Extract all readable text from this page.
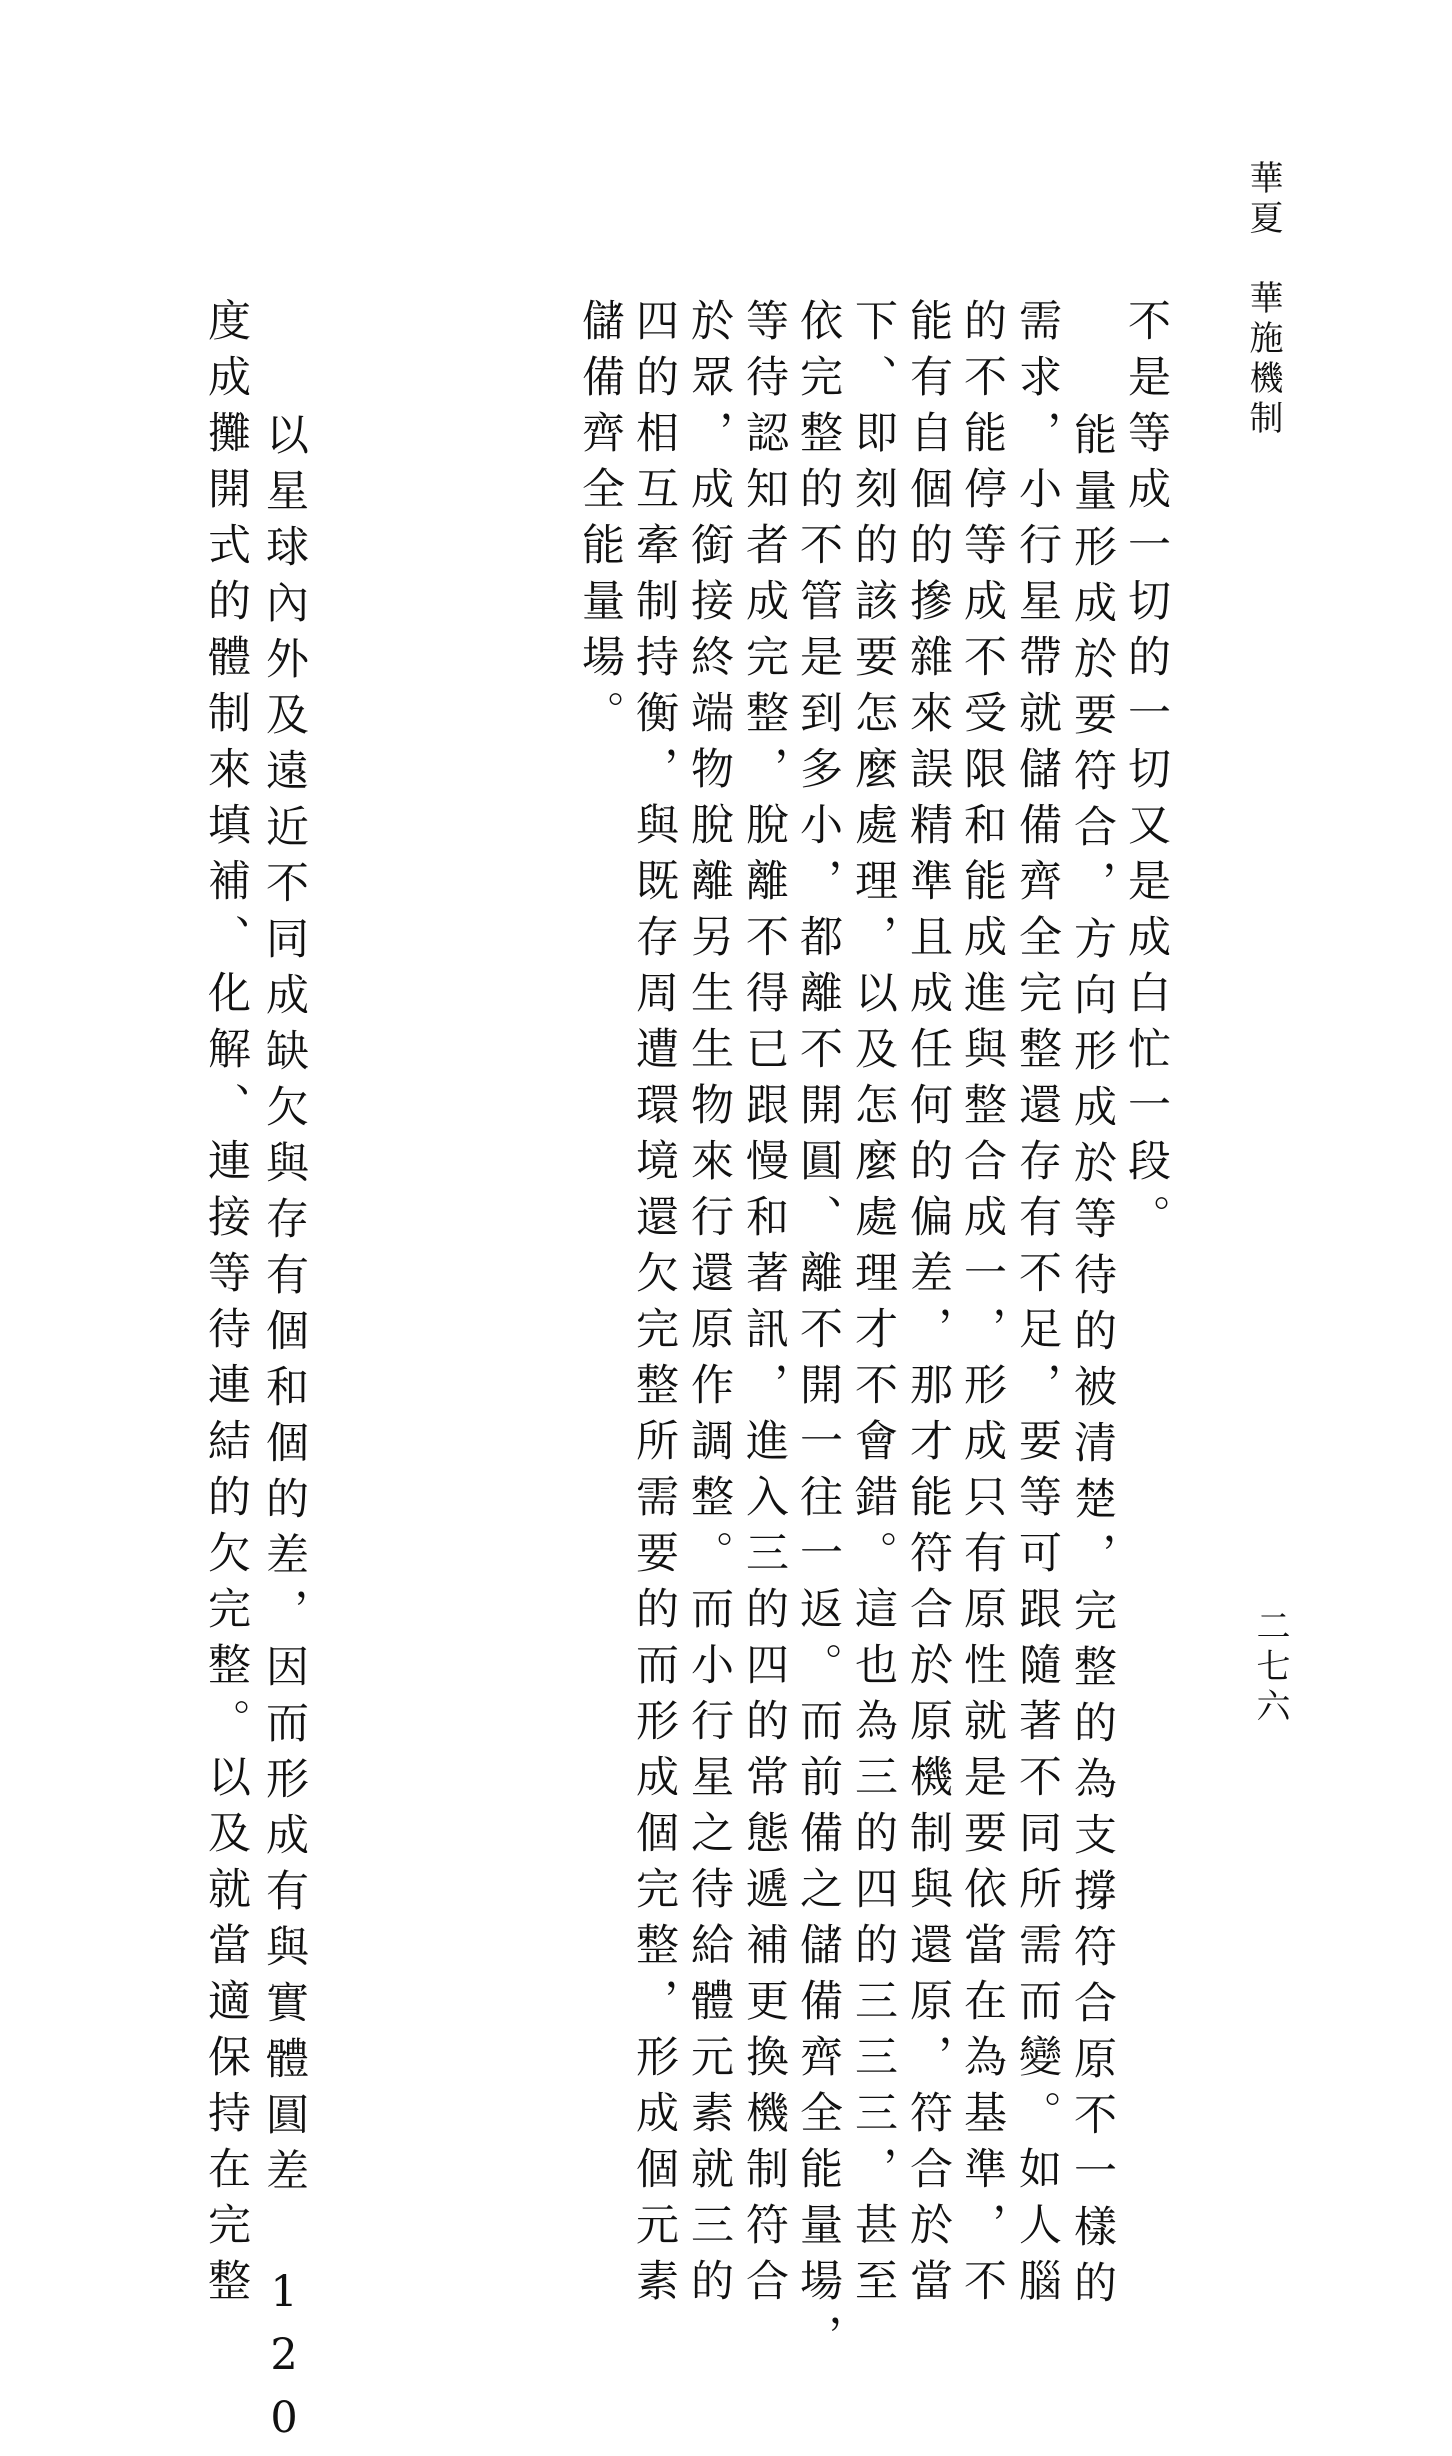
華夏　華施機制
二七六
不是等成一切的一切又是成白忙一段。
能量形成於要符合，方向形成於等待的被清楚，完整的為支撐符合原不一樣的
需求，小行星帶就儲備齊全完整還存有不足，要等可跟隨著不同所需而變。如人腦
的不能停等成不受限和能成進與整合成一，形成只有原性就是要依當在為基準，不
能有自個的摻雜來誤精準且成任何的偏差，那才能符合於原機制與還原，符合於當
下、即刻的該要怎麼處理，以及怎麼處理才不會錯。這也為三的四的三三三，甚至
依完整的不管是到多小，都離不開圓、離不開一往一返。而前備之儲備齊全能量場，
等待認知者成完整，脫離不得已跟慢和著訊，進入三的四的常態遞補更換機制符合
於眾，成銜接終端物脫離另生生物來行還原作調整。而小行星之待給體元素就三的
四的相互牽制持衡，與既存周遭環境還欠完整所需要的而形成個完整，形成個元素
儲備齊全能量場。
以星球內外及遠近不同成缺欠與存有個和個的差，因而形成有與實體圓差 120
度成攤開式的體制來填補、化解、連接等待連結的欠完整。以及就當適保持在完整
